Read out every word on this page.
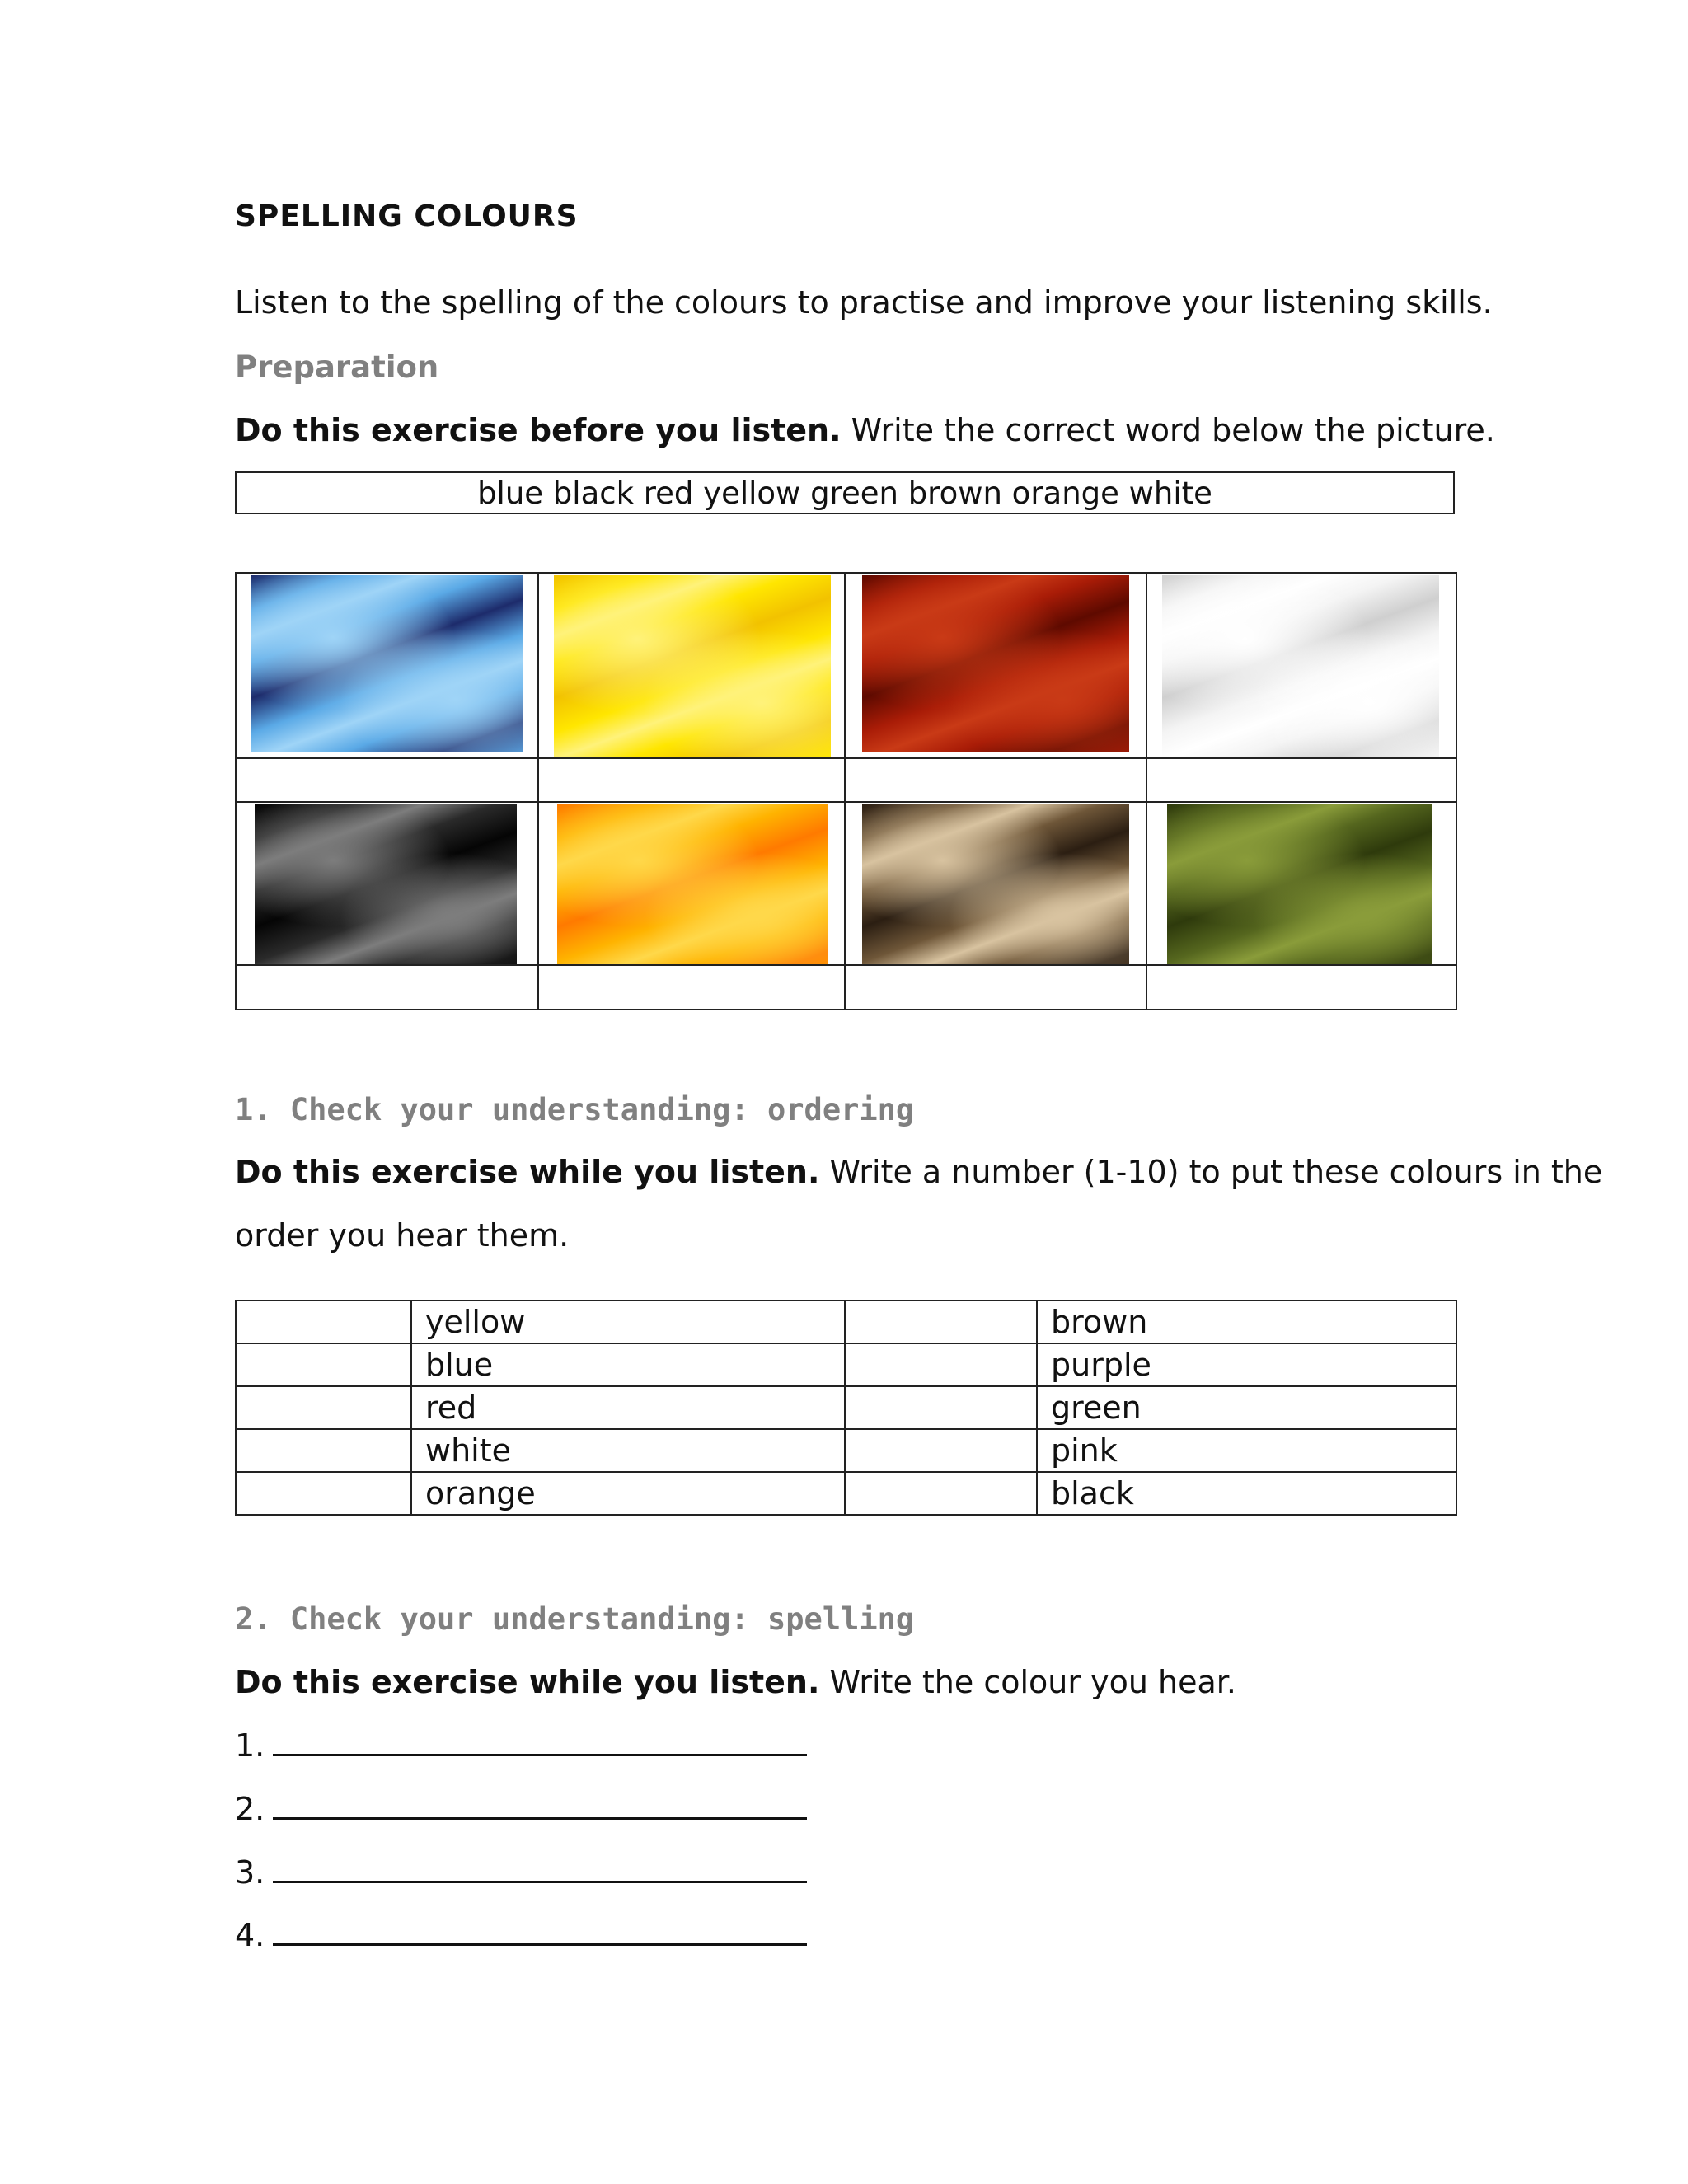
SPELLING COLOURS
Listen to the spelling of the colours to practise and improve your listening skills.
Preparation
Do this exercise before you listen. Write the correct word below the picture.
blue black red yellow green brown orange white

1. Check your understanding: ordering
Do this exercise while you listen. Write a number (1-10) to put these colours in the
order you hear them.
	yellow		brown
	blue		purple
	red		green
	white		pink
	orange		black
2. Check your understanding: spelling
Do this exercise while you listen. Write the colour you hear.
1.
2.
3.
4.
